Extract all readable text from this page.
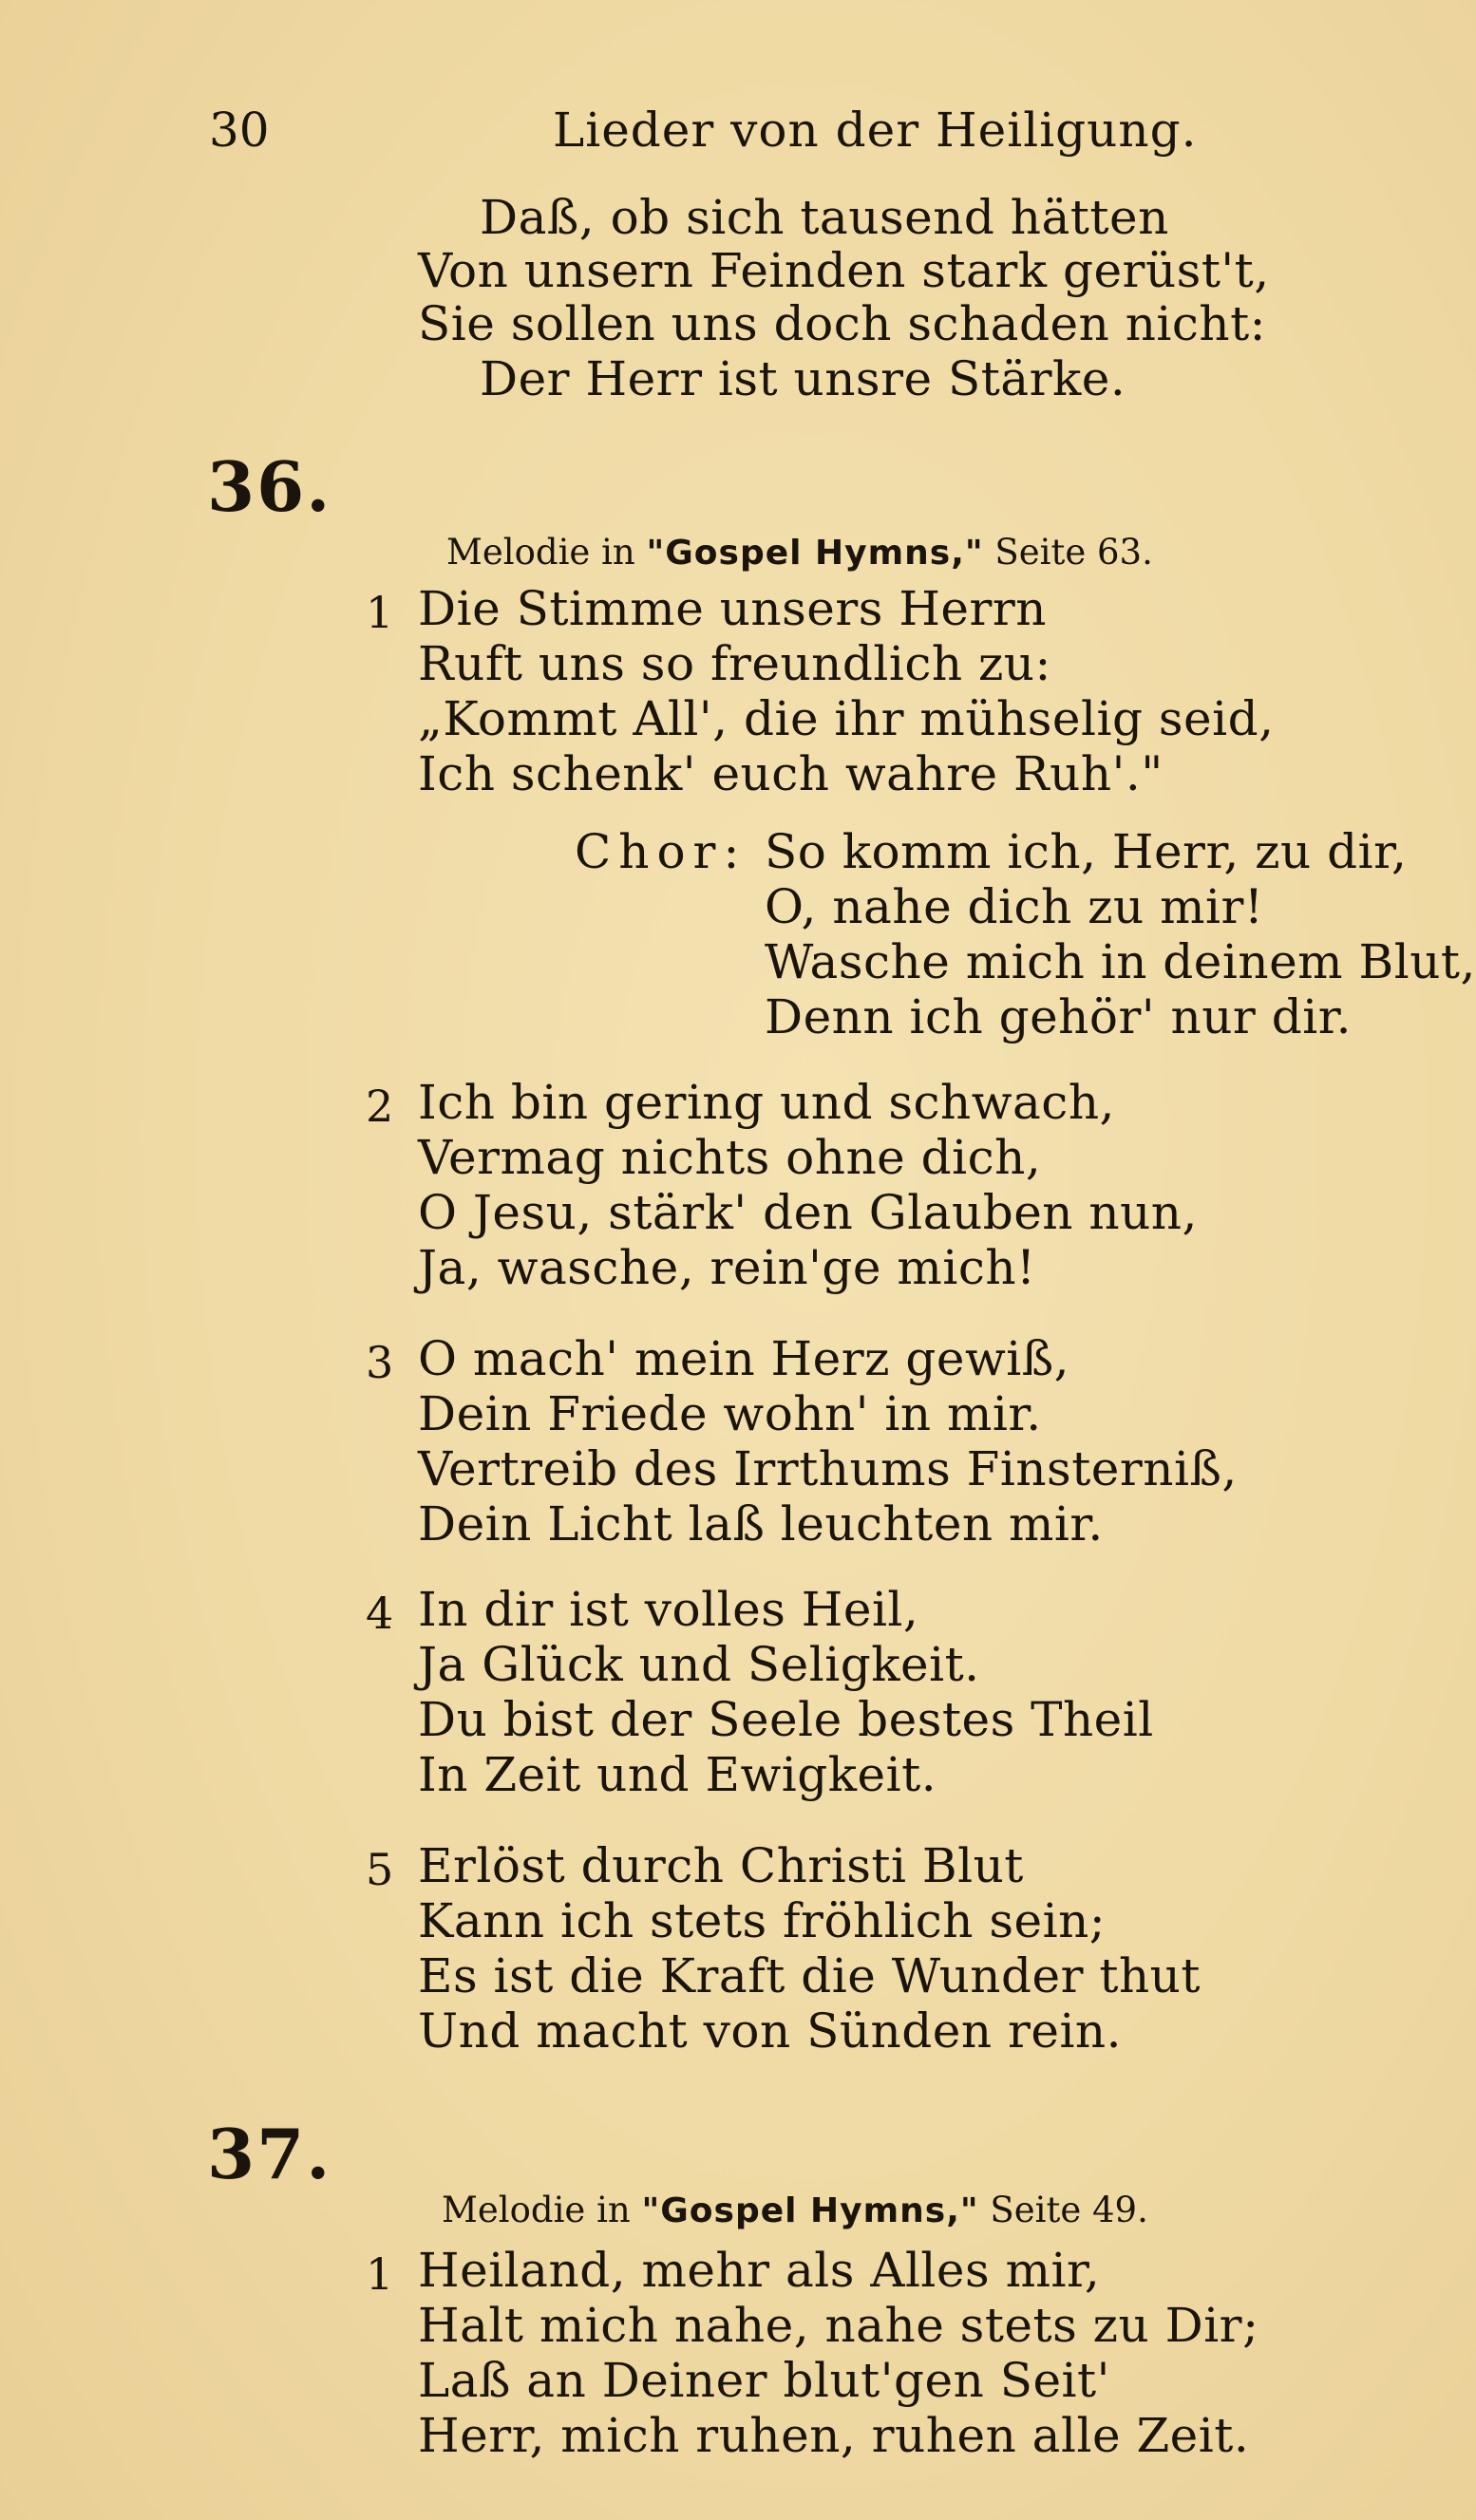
30	Lieder von der Heiligung.
Daß, ob sich tausend hätten
Von unsern Feinden stark gerüst't,
Sie sollen uns doch schaden nicht:
Der Herr ist unsre Stärke.
36.
Melodie in "Gospel Hymns," Seite 63.
1 Die Stimme unsers Herrn
Ruft uns so freundlich zu:
„Kommt All', die ihr mühselig seid,
Ich schenk' euch wahre Ruh'."
Chor: So komm ich, Herr, zu dir,
O, nahe dich zu mir!
Wasche mich in deinem Blut,
Denn ich gehör' nur dir.
2 Ich bin gering und schwach,
Vermag nichts ohne dich,
O Jesu, stärk' den Glauben nun,
Ja, wasche, rein'ge mich!
3 O mach' mein Herz gewiß,
Dein Friede wohn' in mir.
Vertreib des Irrthums Finsterniß,
Dein Licht laß leuchten mir.
4 In dir ist volles Heil,
Ja Glück und Seligkeit.
Du bist der Seele bestes Theil
In Zeit und Ewigkeit.
5 Erlöst durch Christi Blut
Kann ich stets fröhlich sein;
Es ist die Kraft die Wunder thut
Und macht von Sünden rein.
37.
Melodie in "Gospel Hymns," Seite 49.
1 Heiland, mehr als Alles mir,
Halt mich nahe, nahe stets zu Dir;
Laß an Deiner blut'gen Seit'
Herr, mich ruhen, ruhen alle Zeit.
